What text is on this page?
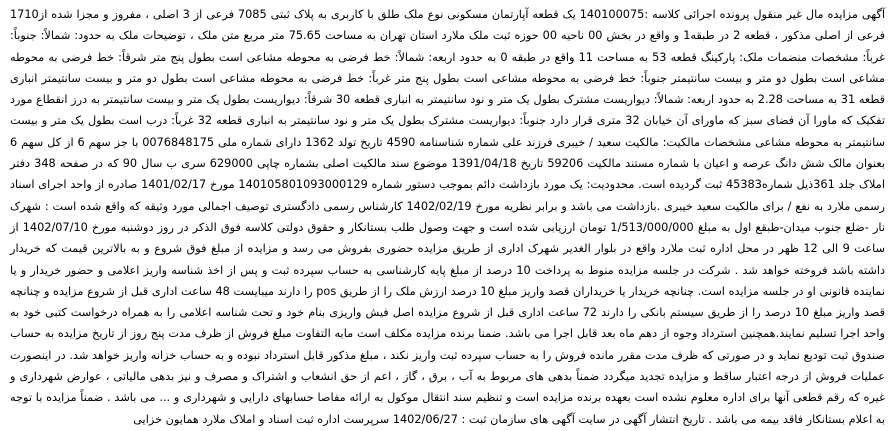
آگهی مزایده مال غیر منقول پرونده اجرائی کلاسه :140100075 یک قطعه آپارتمان مسکونی نوع ملک طلق با کاربری به پلاک ثبتی 7085 فرعی از 3 اصلی ، مفروز و مجزا شده از1710 فرعی از اصلی مذکور ، قطعه 2 در طبقه1 و واقع در بخش 00 ناحیه 00 حوزه ثبت ملک ملارد استان تهران به مساحت 75.65 متر مربع متن ملک ، توضیحات ملک به حدود: شمالاً: جنوباً: غرباً: مشخصات منضمات ملک: پارکینگ قطعه 53 به مساحت 11 واقع در طبقه 0 به حدود اربعه: شمالاً: خط فرضی به محوطه مشاعی است بطول پنج متر شرقاً: خط فرضی به محوطه مشاعی است بطول دو متر و بیست سانتیمتر جنوباً: خط فرضی به محوطه مشاعی است بطول پنج متر غرباً: خط فرضی به محوطه مشاعی است بطول دو متر و بیست سانتیمتر انباری قطعه 31 به مساحت 2.28 به حدود اربعه: شمالاً: دیواریست مشترک بطول یک متر و نود سانتیمتر به انباری قطعه 30 شرقاً: دیواریست بطول یک متر و بیست سانتیمتر به درز انقطاع مورد تفکیک که ماورا آن فضای سبز که ماورای آن خیابان 32 متری قرار دارد جنوباً: دیواریست مشترک بطول یک متر و نود سانتیمتر به انباری قطعه 32 غرباً: درب است بطول یک متر و بیست سانتیمتر به محوطه مشاعی مشخصات مالکیت: مالکیت سعید / خیبری فرزند علی شماره شناسنامه 4590 تاریخ تولد 1362 دارای شماره ملی 0076848175 با جز سهم 6 از کل سهم 6 بعنوان مالک شش دانگ عرصه و اعیان با شماره مستند مالکیت 59206 تاریخ 1391/04/18 موضوع سند مالکیت اصلی بشماره چاپی 629000 سری ب سال 90 که در صفحه 348 دفتر املاک جلد 361ذیل شماره45383 ثبت گردیده است. محدودیت: یک مورد بازداشت دائم بموجب دستور شماره 140105801093000129 مورخ 1401/02/17 صادره از واحد اجرای اسناد رسمی ملارد به نفع / برای مالکیت سعید خیبری .بازداشت می باشد و برابر نظریه مورخ 1402/02/19 کارشناس رسمی دادگستری توصیف اجمالی مورد وثیقه که واقع شده است : شهرک نار -ضلع جنوب میدان-طبقع اول به مبلغ 1/513/000/000 تومان ارزیابی شده است و جهت وصول طلب بستانکار و حقوق دولتی کلاسه فوق الذکر در روز دوشنبه مورخ 1402/07/10 از ساعت 9 الی 12 ظهر در محل اداره ثبت ملارد واقع در بلوار الغدیر شهرک اداری از طریق مزایده حضوری بفروش می رسد و مزایده از مبلغ فوق شروع و به بالاترین قیمت که خریدار داشته باشد فروخته خواهد شد . شرکت در جلسه مزایده منوط به پرداخت 10 درصد از مبلغ پایه کارشناسی به حساب سپرده ثبت و پس از اخذ شناسه واریز اعلامی و حضور خریدار و یا نماینده قانونی او در جلسه مزایده است. چنانچه خریدار یا خریداران قصد واریز مبلغ 10 درصد ارزش ملک را از طریق pos را دارند میبایست 48 ساعت اداری قبل از شروع مزایده و چنانچه قصد واریز مبلغ 10 درصد را از طریق سیستم بانکی را دارند 72 ساعت اداری قبل از شروع مزایده اصل فیش واریزی بنام خود و تحت شناسه اعلامی را به همراه درخواست کتبی خود به واحد اجرا تسلیم نمایند.همچنین استرداد وجوه از دهم ماه بعد قابل اجرا می باشد. ضمنا برنده مزایده مکلف است مابه التفاوت مبلغ فروش از ظرف مدت پنج روز از تاریخ مزایده به حساب صندوق ثبت تودیع نماید و در صورتی که ظرف مدت مقرر مانده فروش را به حساب سپرده ثبت واریز نکند ، مبلغ مذکور قابل استرداد نبوده و به حساب خزانه واریز خواهد شد. در اینصورت عملیات فروش از درجه اعتبار ساقط و مزایده تجدید میگردد ضمناً بدهی های مربوط به آب ، برق ، گاز ، اعم از حق انشعاب و اشتراک و مصرف و نیز بدهی مالیاتی ، عوارض شهرداری و غیره که رقم قطعی آنها برای اداره معلوم نشده است بعهده برنده مزایده است و تنظیم سند انتقال موکول به ارائه مفاصا حسابهای دارایی و شهرداری و ... می باشد . ضمناً مزایده با توجه به اعلام بستانکار فاقد بیمه می باشد . تاریخ انتشار آگهی در سایت آگهی های سازمان ثبت : 1402/06/27 سرپرست اداره ثبت اسناد و املاک ملارد همایون خزایی
